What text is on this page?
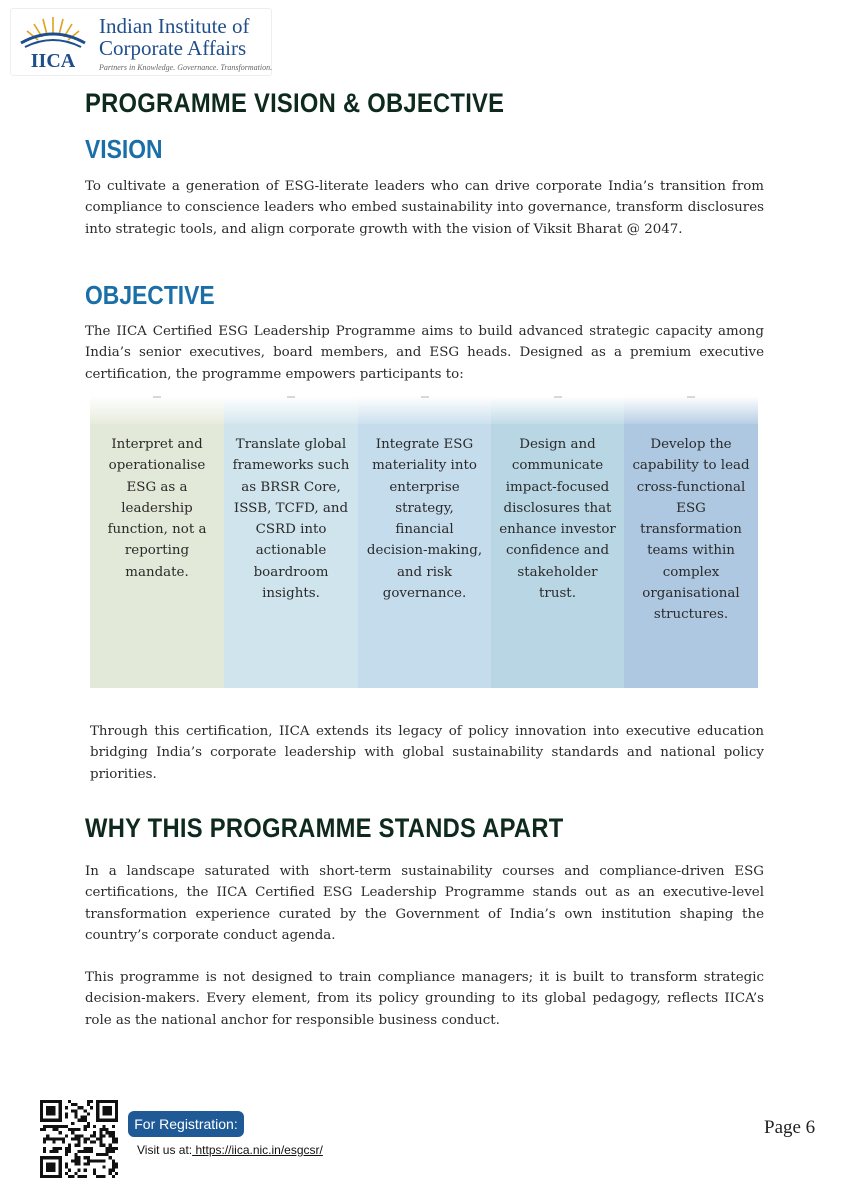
IICA
Indian Institute of
Corporate Affairs
Partners in Knowledge. Governance. Transformation.
PROGRAMME VISION & OBJECTIVE
VISION
To cultivate a generation of ESG-literate leaders who can drive corporate India’s transition from compliance to conscience leaders who embed sustainability into governance, transform disclosures into strategic tools, and align corporate growth with the vision of Viksit Bharat @ 2047.
OBJECTIVE
The IICA Certified ESG Leadership Programme aims to build advanced strategic capacity among India’s senior executives, board members, and ESG heads. Designed as a premium executive certification, the programme empowers participants to:
Interpret and operationalise ESG as a leadership function, not a reporting mandate.
Translate global frameworks such as BRSR Core, ISSB, TCFD, and CSRD into actionable boardroom insights.
Integrate ESG materiality into enterprise strategy, financial decision-making, and risk governance.
Design and communicate impact-focused disclosures that enhance investor confidence and stakeholder trust.
Develop the capability to lead cross-functional ESG transformation teams within complex organisational structures.
Through this certification, IICA extends its legacy of policy innovation into executive education bridging India’s corporate leadership with global sustainability standards and national policy priorities.
WHY THIS PROGRAMME STANDS APART
In a landscape saturated with short-term sustainability courses and compliance-driven ESG certifications, the IICA Certified ESG Leadership Programme stands out as an executive-level transformation experience curated by the Government of India’s own institution shaping the country’s corporate conduct agenda.
This programme is not designed to train compliance managers; it is built to transform strategic decision-makers. Every element, from its policy grounding to its global pedagogy, reflects IICA’s role as the national anchor for responsible business conduct.
For Registration:
Visit us at: https://iica.nic.in/esgcsr/
Page 6
